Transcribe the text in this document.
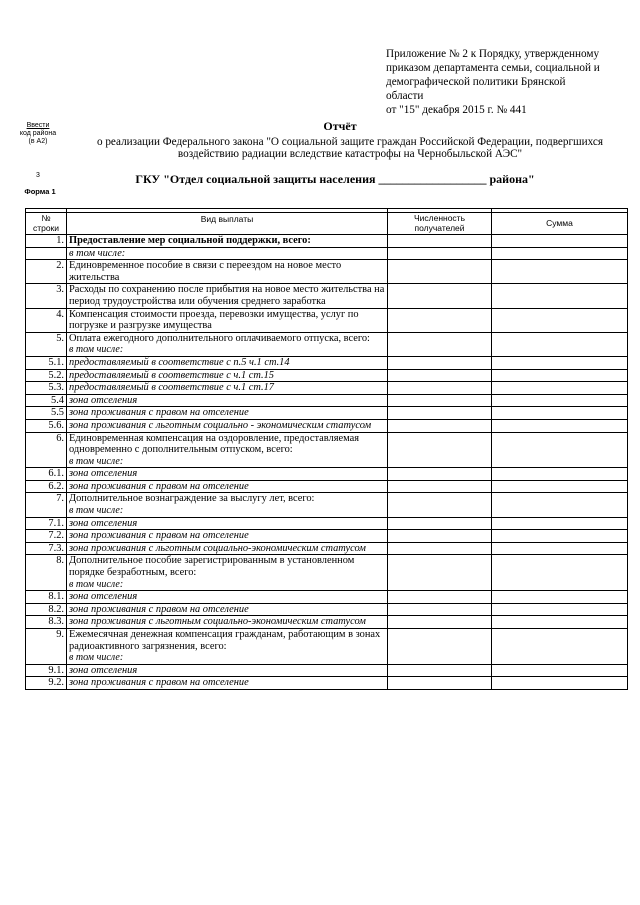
Приложение № 2 к Порядку, утвержденному
приказом департамента семьи, социальной и
демографической политики Брянской
области
от "15" декабря 2015 г. № 441
Ввести
код района
(в А2)
3
Форма 1
Отчёт
о реализации Федерального закона "О социальной защите граждан Российской Федерации, подвергшихся воздействию радиации вследствие катастрофы на Чернобыльской АЭС"
ГКУ "Отдел социальной защиты населения __________________ района"

№ строки	Вид выплаты	Численность получателей	Сумма
1.	Предоставление мер социальной поддержки, всего:		
	в том числе:		
2.	Единовременное пособие в связи с переездом на новое место жительства		
3.	Расходы по сохранению после прибытия на новое место жительства на период трудоустройства или обучения среднего заработка		
4.	Компенсация стоимости проезда, перевозки имущества, услуг по погрузке и разгрузке имущества		
5.	Оплата ежегодного дополнительного оплачиваемого отпуска, всего:
в том числе:		

5.1.	предоставляемый в соответствие с п.5 ч.1 ст.14		
5.2.	предоставляемый в соответствие с ч.1 ст.15		
5.3.	предоставляемый в соответствие с ч.1 ст.17		
5.4	зона отселения		
5.5	зона проживания с правом на отселение		
5.6.	зона проживания с льготным социально - экономическим статусом		
6.	Единовременная компенсация на оздоровление, предоставляемая одновременно с дополнительным отпуском, всего:
в том числе:		

6.1.	зона отселения		
6.2.	зона проживания с правом на отселение		
7.	Дополнительное вознаграждение за выслугу лет, всего:
в том числе:		

7.1.	зона отселения		
7.2.	зона проживания с правом на отселение		
7.3.	зона проживания с льготным социально-экономическим статусом		
8.	Дополнительное пособие зарегистрированным в установленном порядке безработным, всего:
в том числе:		

8.1.	зона отселения		
8.2.	зона проживания с правом на отселение		
8.3.	зона проживания с льготным социально-экономическим статусом		
9.	Ежемесячная денежная компенсация гражданам, работающим в зонах радиоактивного загрязнения, всего:
в том числе:		

9.1.	зона отселения		
9.2.	зона проживания с правом на отселение		
